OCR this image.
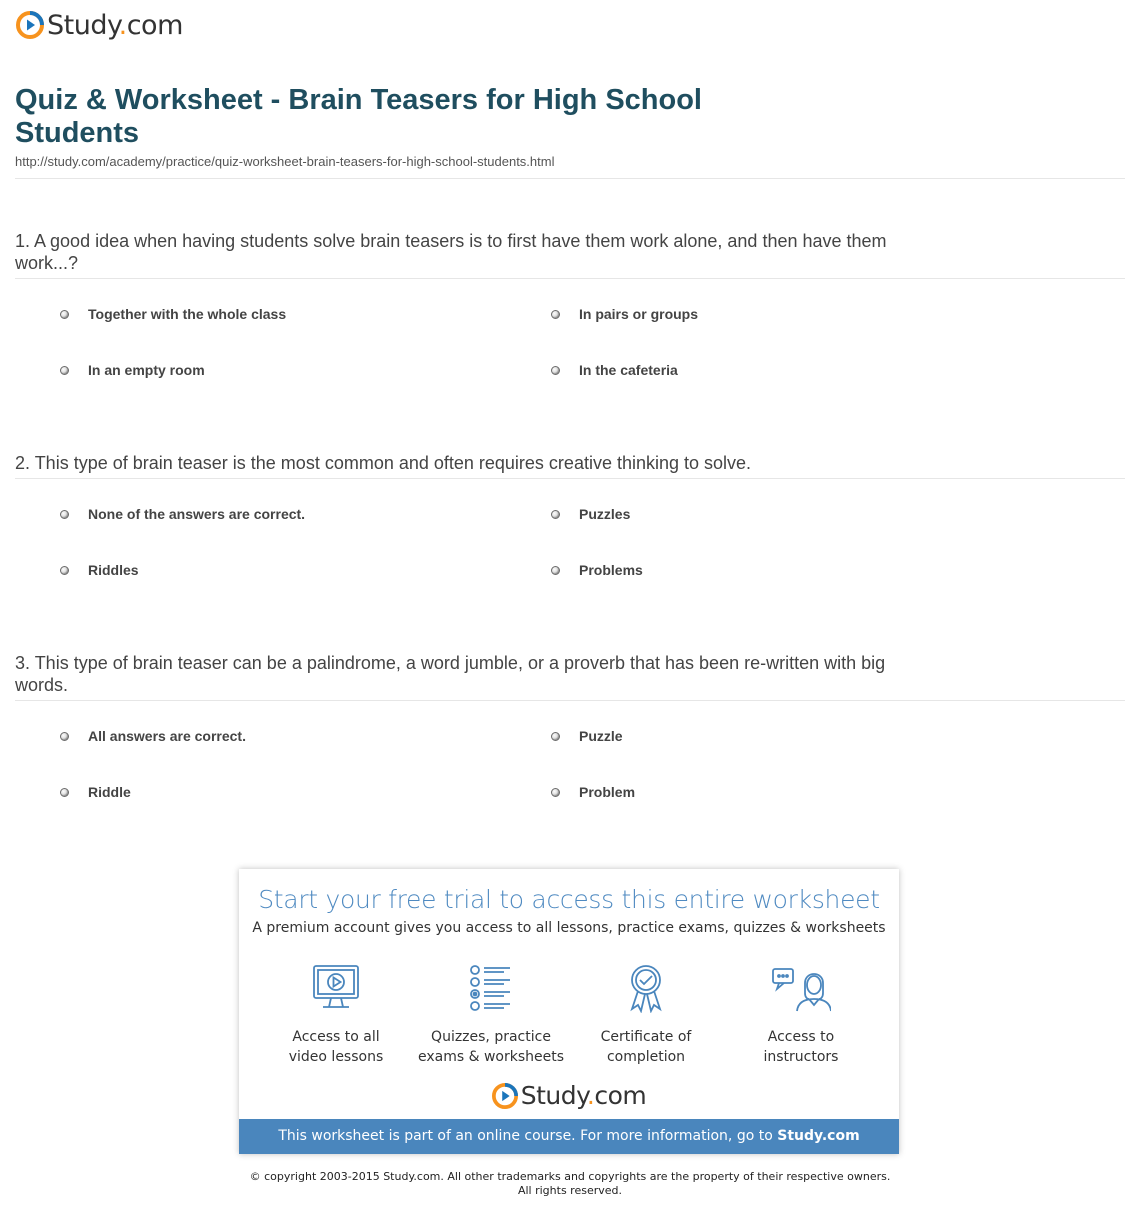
Study.com
Quiz & Worksheet - Brain Teasers for High School Students
http://study.com/academy/practice/quiz-worksheet-brain-teasers-for-high-school-students.html
1. A good idea when having students solve brain teasers is to first have them work alone, and then have them work...?
Together with the whole class	In pairs or groups
In an empty room	In the cafeteria
2. This type of brain teaser is the most common and often requires creative thinking to solve.
None of the answers are correct.	Puzzles
Riddles	Problems
3. This type of brain teaser can be a palindrome, a word jumble, or a proverb that has been re-written with big words.
All answers are correct.	Puzzle
Riddle	Problem
Start your free trial to access this entire worksheet
A premium account gives you access to all lessons, practice exams, quizzes & worksheets
Access to all
video lessons
Quizzes, practice
exams & worksheets
Certificate of
completion
Access to
instructors
Study.com
This worksheet is part of an online course. For more information, go to Study.com
© copyright 2003-2015 Study.com. All other trademarks and copyrights are the property of their respective owners.
All rights reserved.
